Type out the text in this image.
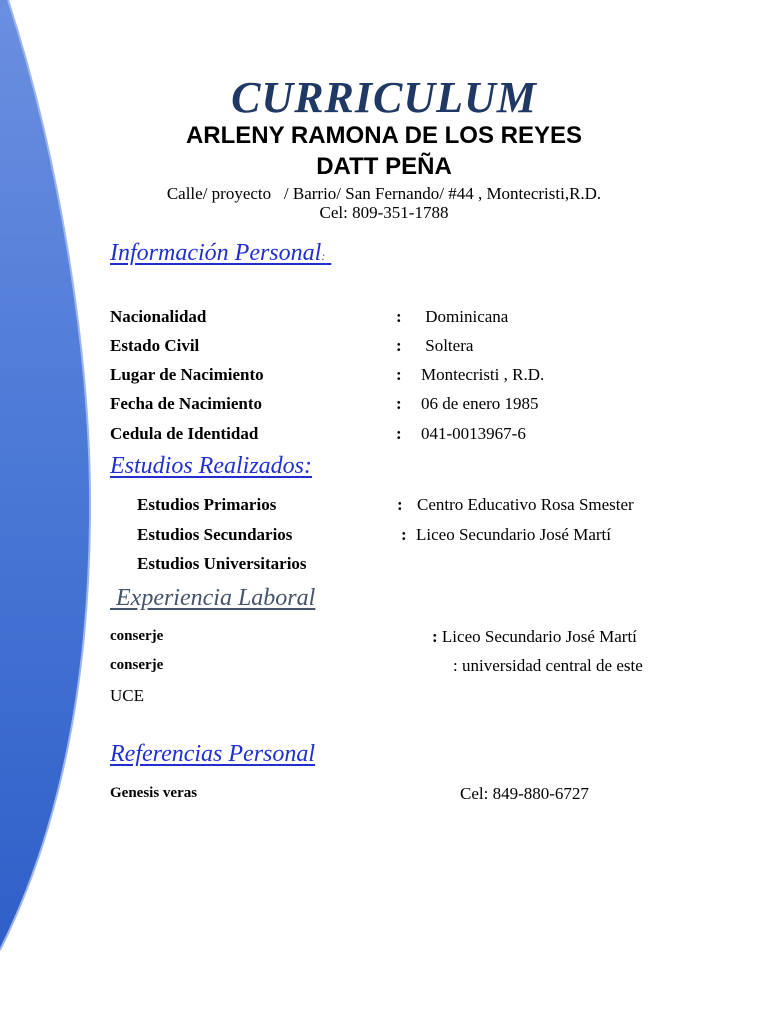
CURRICULUM
ARLENY RAMONA DE LOS REYES
DATT PEÑA
Calle/ proyecto   / Barrio/ San Fernando/ #44 , Montecristi,R.D.
Cel: 809-351-1788
Información Personal:
Nacionalidad	: Dominicana
Estado Civil	: Soltera
Lugar de Nacimiento	: Montecristi , R.D.
Fecha de Nacimiento	: 06 de enero 1985
Cedula de Identidad	: 041-0013967-6
Estudios Realizados:
Estudios Primarios	: Centro Educativo Rosa Smester
Estudios Secundarios	: Liceo Secundario José Martí
Estudios Universitarios
Experiencia Laboral
conserje	: Liceo Secundario José Martí
conserje	: universidad central de este
UCE
Referencias Personal
Genesis veras	Cel: 849-880-6727
